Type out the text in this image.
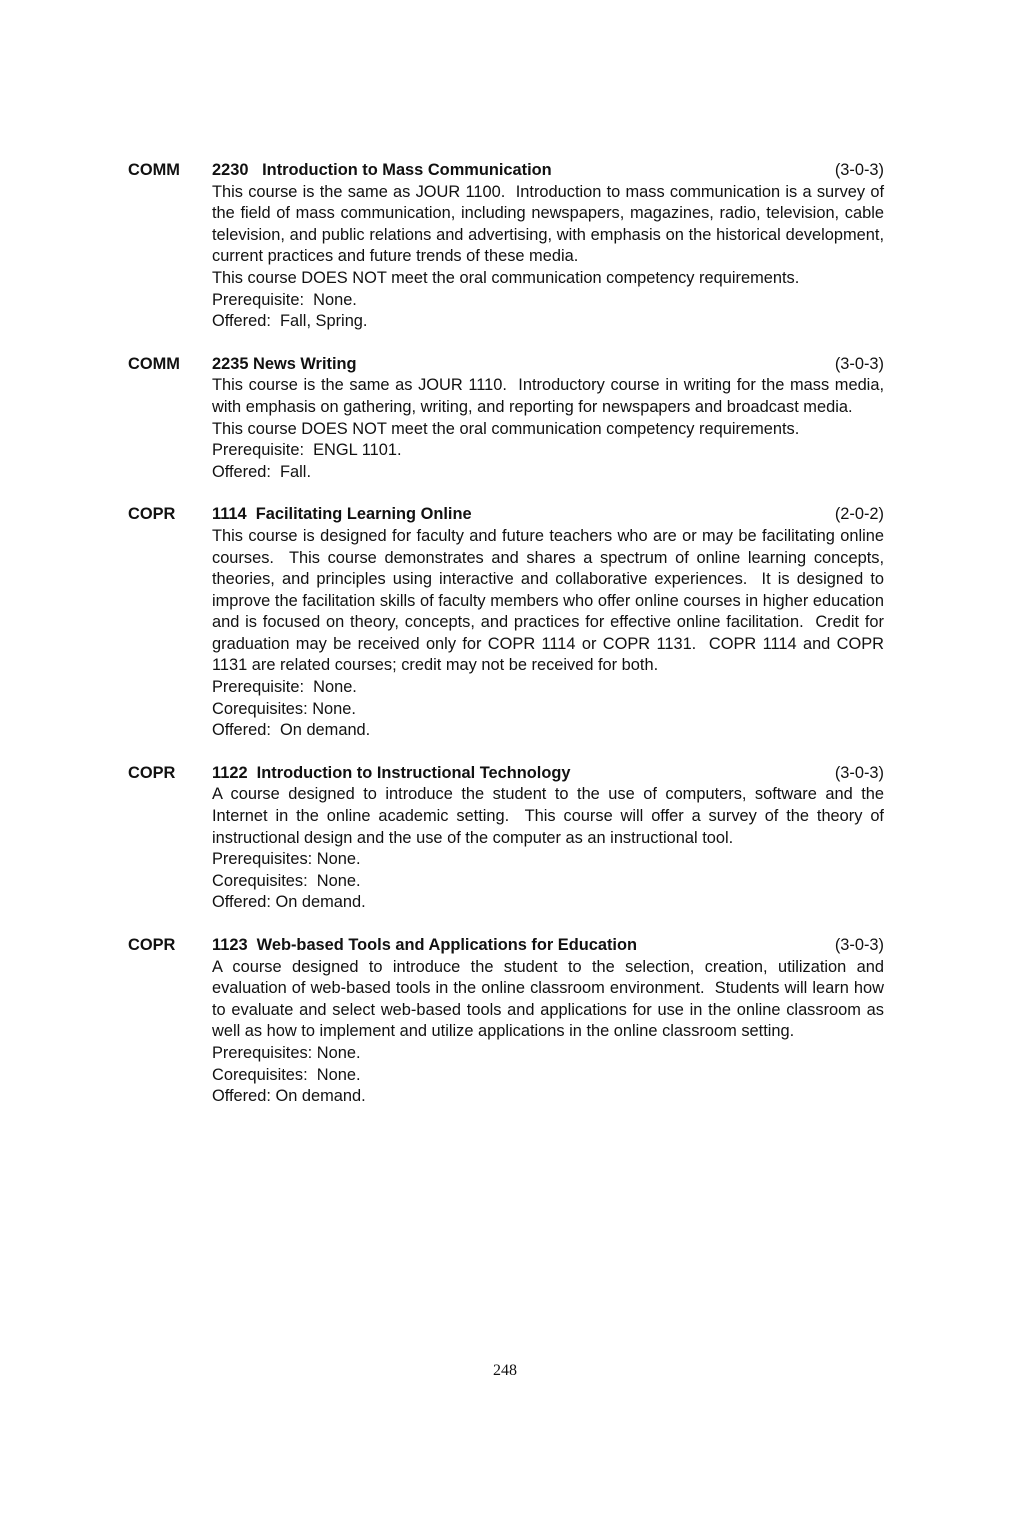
COMM 2230   Introduction to Mass Communication	(3-0-3)

This course is the same as JOUR 1100.  Introduction to mass communication is a survey of the field of mass communication, including newspapers, magazines, radio, television, cable television, and public relations and advertising, with emphasis on the historical development, current practices and future trends of these media.

This course DOES NOT meet the oral communication competency requirements.

Prerequisite:  None.

Offered:  Fall, Spring.

COMM 2235 News Writing	(3-0-3)

This course is the same as JOUR 1110.  Introductory course in writing for the mass media, with emphasis on gathering, writing, and reporting for newspapers and broadcast media.

This course DOES NOT meet the oral communication competency requirements.

Prerequisite:  ENGL 1101.

Offered:  Fall.

COPR 1114  Facilitating Learning Online	(2-0-2)

This course is designed for faculty and future teachers who are or may be facilitating online courses.  This course demonstrates and shares a spectrum of online learning concepts, theories, and principles using interactive and collaborative experiences.  It is designed to improve the facilitation skills of faculty members who offer online courses in higher education and is focused on theory, concepts, and practices for effective online facilitation.  Credit for graduation may be received only for COPR 1114 or COPR 1131.  COPR 1114 and COPR 1131 are related courses; credit may not be received for both.

Prerequisite:  None.

Corequisites: None.

Offered:  On demand.

COPR 1122  Introduction to Instructional Technology	(3-0-3)

A course designed to introduce the student to the use of computers, software and the Internet in the online academic setting.  This course will offer a survey of the theory of instructional design and the use of the computer as an instructional tool.

Prerequisites: None.

Corequisites:  None.

Offered: On demand.

COPR 1123  Web-based Tools and Applications for Education	(3-0-3)

A course designed to introduce the student to the selection, creation, utilization and evaluation of web-based tools in the online classroom environment.  Students will learn how to evaluate and select web-based tools and applications for use in the online classroom as well as how to implement and utilize applications in the online classroom setting.

Prerequisites: None.

Corequisites:  None.

Offered: On demand.

248
